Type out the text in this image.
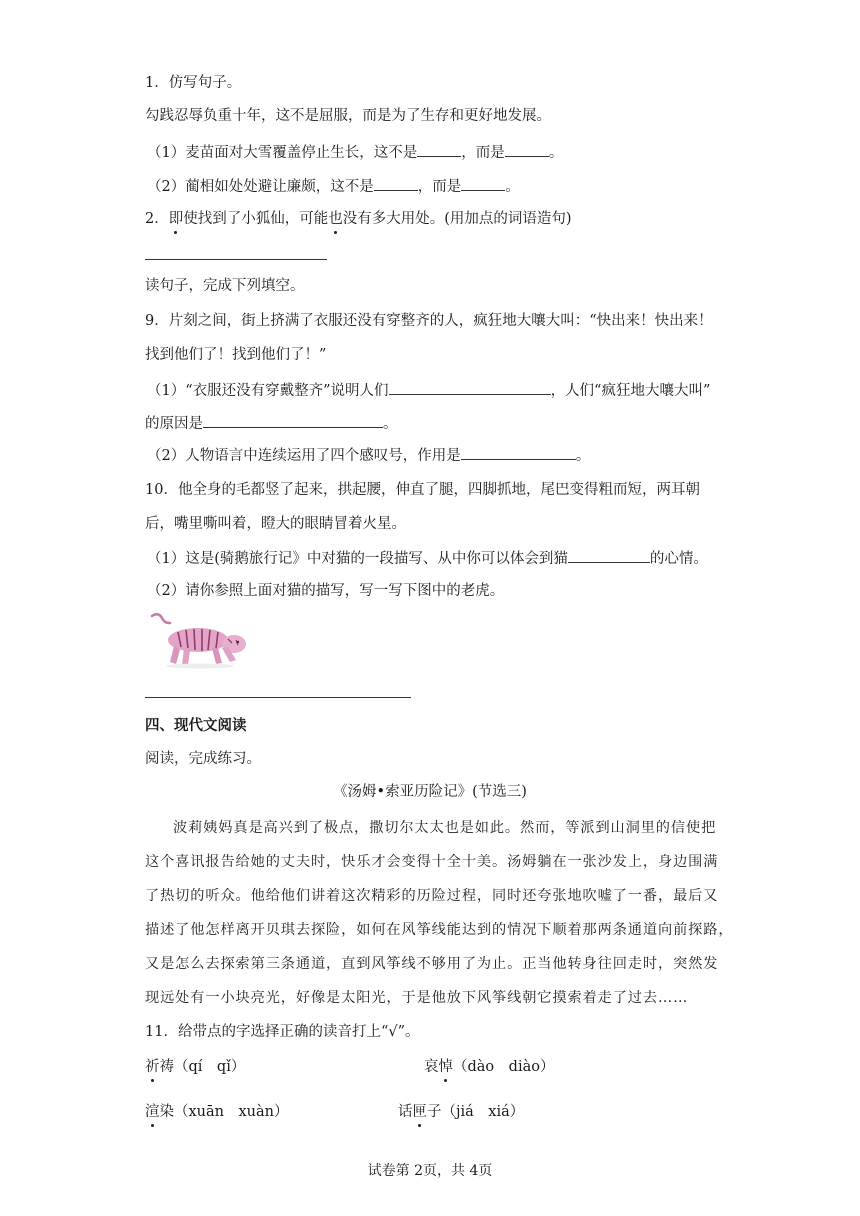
1．仿写句子。
勾践忍辱负重十年，这不是屈服，而是为了生存和更好地发展。
（1）麦苗面对大雪覆盖停止生长，这不是	，而是	。
（2）蔺相如处处避让廉颇，这不是	，而是	。
2．即使找到了小狐仙，可能也没有多大用处。(用加点的词语造句)
读句子，完成下列填空。
9．片刻之间，街上挤满了衣服还没有穿整齐的人，疯狂地大嚷大叫：“快出来！快出来！
找到他们了！找到他们了！”
（1）“衣服还没有穿戴整齐”说明人们	，人们“疯狂地大嚷大叫”
的原因是	。
（2）人物语言中连续运用了四个感叹号，作用是	。
10．他全身的毛都竖了起来，拱起腰，伸直了腿，四脚抓地，尾巴变得粗而短，两耳朝
后，嘴里嘶叫着，瞪大的眼睛冒着火星。
（1）这是(骑鹅旅行记》中对猫的一段描写、从中你可以体会到猫	的心情。
（2）请你参照上面对猫的描写，写一写下图中的老虎。
四、现代文阅读
阅读，完成练习。
《汤姆•索亚历险记》(节选三)
波莉姨妈真是高兴到了极点，撒切尔太太也是如此。然而，等派到山洞里的信使把
这个喜讯报告给她的丈夫时，快乐才会变得十全十美。汤姆躺在一张沙发上，身边围满
了热切的听众。他给他们讲着这次精彩的历险过程，同时还夸张地吹嘘了一番，最后又
描述了他怎样离开贝琪去探险，如何在风筝线能达到的情况下顺着那两条通道向前探路，
又是怎么去探索第三条通道，直到风筝线不够用了为止。正当他转身往回走时，突然发
现远处有一小块亮光，好像是太阳光，于是他放下风筝线朝它摸索着走了过去……
11．给带点的字选择正确的读音打上“√”。
祈祷（qí　qǐ）	哀悼（dào　diào）
渲染（xuān　xuàn）	话匣子（jiá　xiá）
试卷第 2页，共 4页
